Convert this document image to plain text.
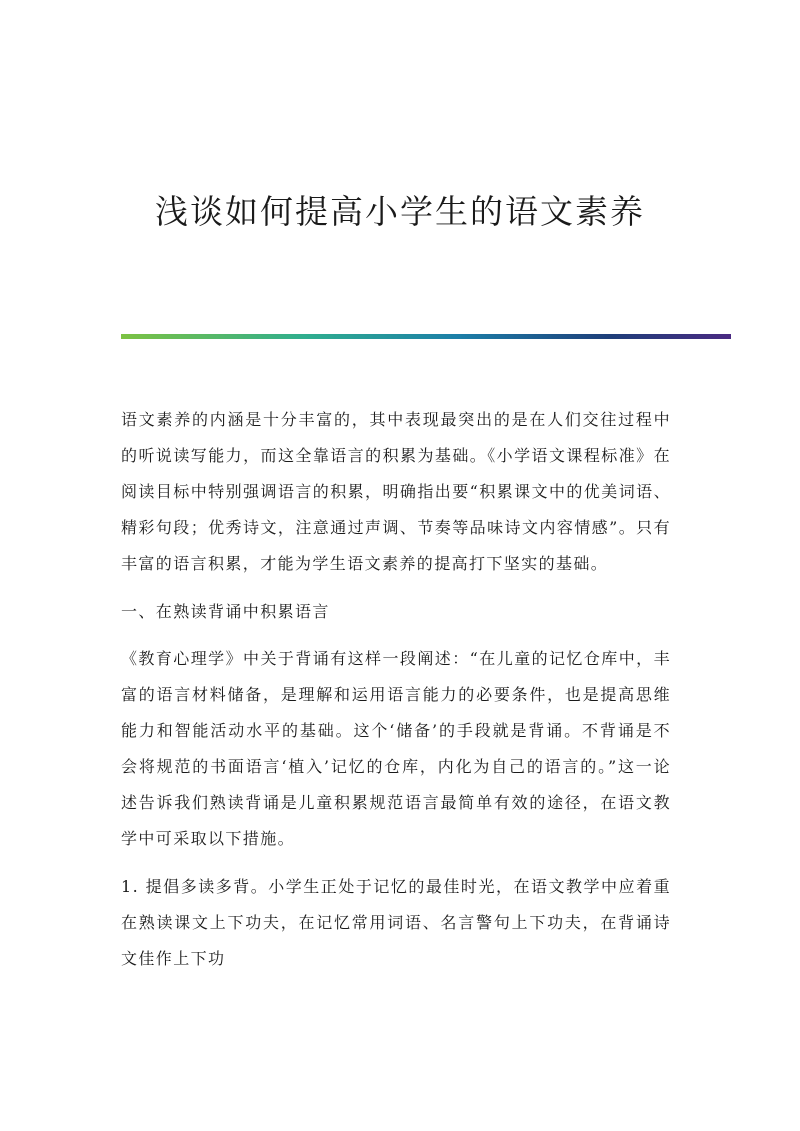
浅谈如何提高小学生的语文素养

语文素养的内涵是十分丰富的，其中表现最突出的是在人们交往过程中的听说读写能力，而这全靠语言的积累为基础。《小学语文课程标准》在阅读目标中特别强调语言的积累，明确指出要“积累课文中的优美词语、精彩句段；优秀诗文，注意通过声调、节奏等品味诗文内容情感”。只有丰富的语言积累，才能为学生语文素养的提高打下坚实的基础。

一、在熟读背诵中积累语言

《教育心理学》中关于背诵有这样一段阐述：“在儿童的记忆仓库中，丰富的语言材料储备，是理解和运用语言能力的必要条件，也是提高思维能力和智能活动水平的基础。这个‘储备’的手段就是背诵。不背诵是不会将规范的书面语言‘植入’记忆的仓库，内化为自己的语言的。”这一论述告诉我们熟读背诵是儿童积累规范语言最简单有效的途径，在语文教学中可采取以下措施。

1. 提倡多读多背。小学生正处于记忆的最佳时光，在语文教学中应着重在熟读课文上下功夫，在记忆常用词语、名言警句上下功夫，在背诵诗文佳作上下功
